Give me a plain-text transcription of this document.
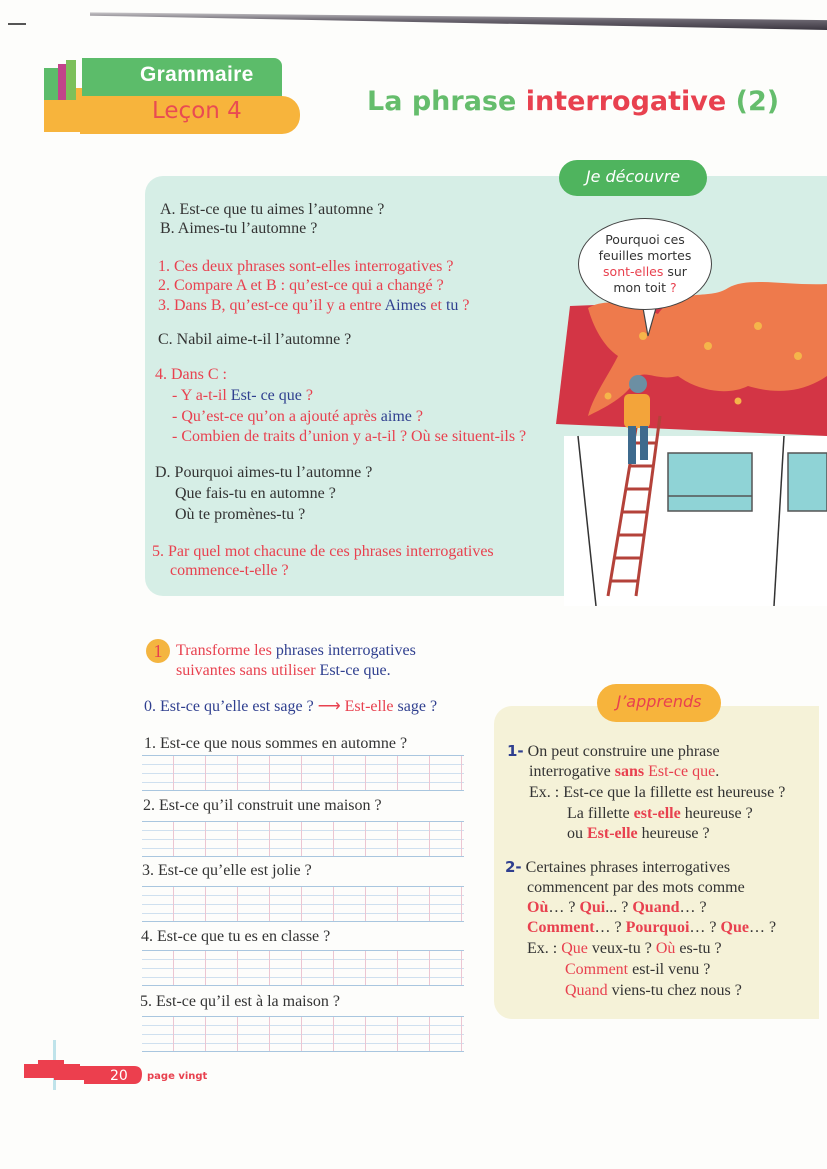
Grammaire
Leçon 4	La phrase interrogative (2)
Je découvre
A. Est-ce que tu aimes l’automne ?
B. Aimes-tu l’automne ?
1. Ces deux phrases sont-elles interrogatives ?
2. Compare A et B : qu’est-ce qui a changé ?
3. Dans B, qu’est-ce qu’il y a entre Aimes et tu ?
C. Nabil aime-t-il l’automne ?
4. Dans C :
- Y a-t-il Est- ce que ?
- Qu’est-ce qu’on a ajouté après aime ?
- Combien de traits d’union y a-t-il ? Où se situent-ils ?
D. Pourquoi aimes-tu l’automne ?
Que fais-tu en automne ?
Où te promènes-tu ?
5. Par quel mot chacune de ces phrases interrogatives
commence-t-elle ?
Pourquoi ces
feuilles mortes
sont-elles sur
mon toit ?
1 Transforme les phrases interrogatives
suivantes sans utiliser Est-ce que.
0. Est-ce qu’elle est sage ? ⟶ Est-elle sage ?
1. Est-ce que nous sommes en automne ?
2. Est-ce qu’il construit une maison ?
3. Est-ce qu’elle est jolie ?
4. Est-ce que tu es en classe ?
5. Est-ce qu’il est à la maison ?
J’apprends
1- On peut construire une phrase
interrogative sans Est-ce que.
Ex. : Est-ce que la fillette est heureuse ?
La fillette est-elle heureuse ?
ou Est-elle heureuse ?
2- Certaines phrases interrogatives
commencent par des mots comme
Où… ? Qui... ? Quand… ?
Comment… ? Pourquoi… ? Que… ?
Ex. : Que veux-tu ? Où es-tu ?
Comment est-il venu ?
Quand viens-tu chez nous ?
20 page vingt
